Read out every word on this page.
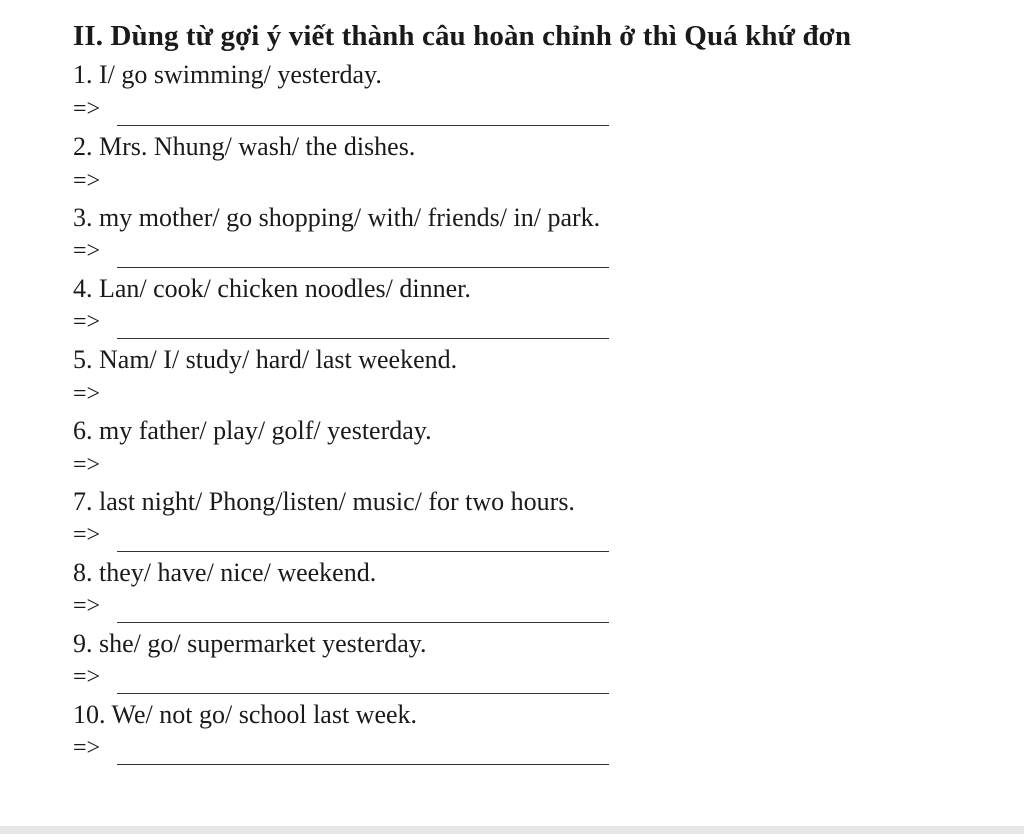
II. Dùng từ gợi ý viết thành câu hoàn chỉnh ở thì Quá khứ đơn
1. I/ go swimming/ yesterday.
=>
2. Mrs. Nhung/ wash/ the dishes.
=>
3. my mother/ go shopping/ with/ friends/ in/ park.
=>
4. Lan/ cook/ chicken noodles/ dinner.
=>
5. Nam/ I/ study/ hard/ last weekend.
=>
6. my father/ play/ golf/ yesterday.
=>
7. last night/ Phong/listen/ music/ for two hours.
=>
8. they/ have/ nice/ weekend.
=>
9. she/ go/ supermarket yesterday.
=>
10. We/ not go/ school last week.
=>
